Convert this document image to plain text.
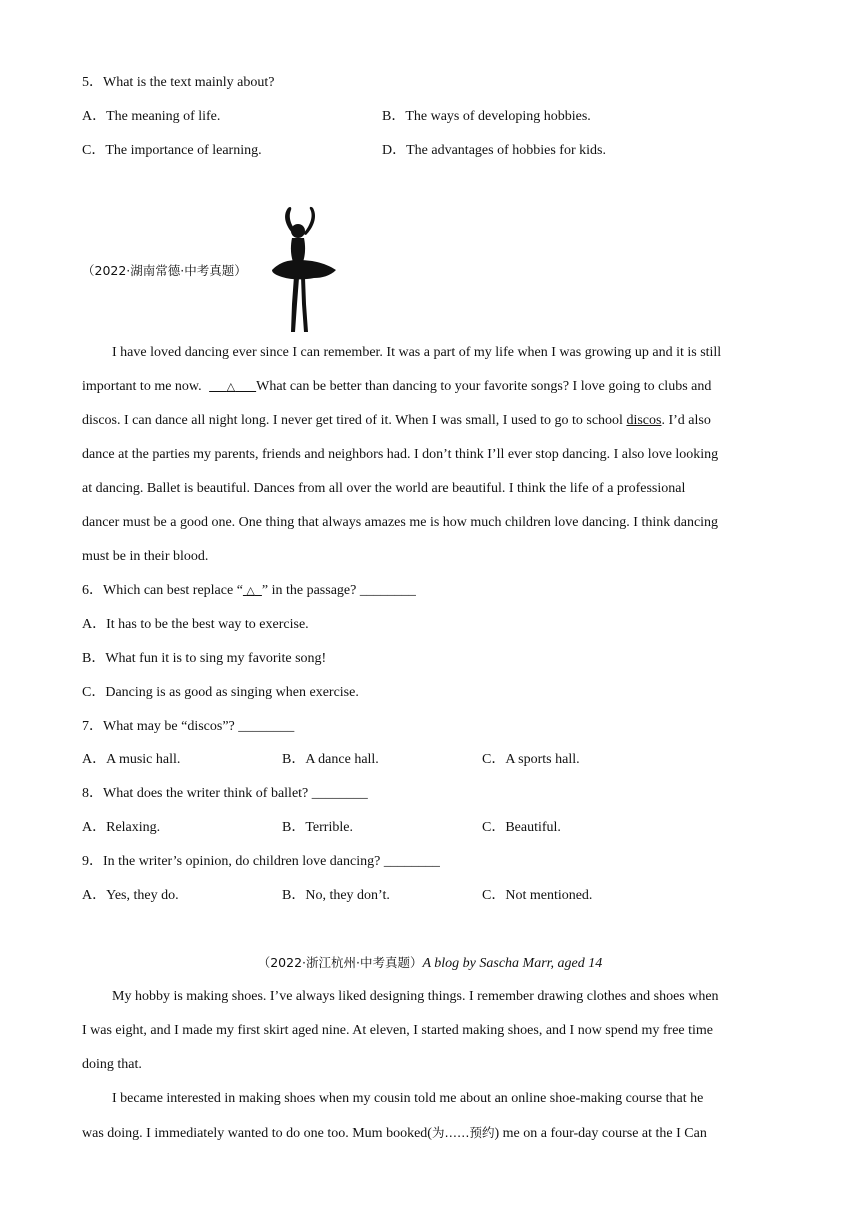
5．What is the text mainly about?
A．The meaning of life.	B．The ways of developing hobbies.
C．The importance of learning.	D．The advantages of hobbies for kids.
（2022·湖南常德·中考真题）
I have loved dancing ever since I can remember. It was a part of my life when I was growing up and it is still
important to me now. △ What can be better than dancing to your favorite songs? I love going to clubs and
discos. I can dance all night long. I never get tired of it. When I was small, I used to go to school discos. I’d also
dance at the parties my parents, friends and neighbors had. I don’t think I’ll ever stop dancing. I also love looking
at dancing. Ballet is beautiful. Dances from all over the world are beautiful. I think the life of a professional
dancer must be a good one. One thing that always amazes me is how much children love dancing. I think dancing
must be in their blood.
6．Which can best replace “ △ ” in the passage? ________
A．It has to be the best way to exercise.
B．What fun it is to sing my favorite song!
C．Dancing is as good as singing when exercise.
7．What may be “discos”? ________
A．A music hall.	B．A dance hall.	C．A sports hall.
8．What does the writer think of ballet? ________
A．Relaxing.	B．Terrible.	C．Beautiful.
9．In the writer’s opinion, do children love dancing? ________
A．Yes, they do.	B．No, they don’t.	C．Not mentioned.
（2022·浙江杭州·中考真题）A blog by Sascha Marr, aged 14
My hobby is making shoes. I’ve always liked designing things. I remember drawing clothes and shoes when
I was eight, and I made my first skirt aged nine. At eleven, I started making shoes, and I now spend my free time
doing that.
I became interested in making shoes when my cousin told me about an online shoe-making course that he
was doing. I immediately wanted to do one too. Mum booked(为……预约) me on a four-day course at the I Can
